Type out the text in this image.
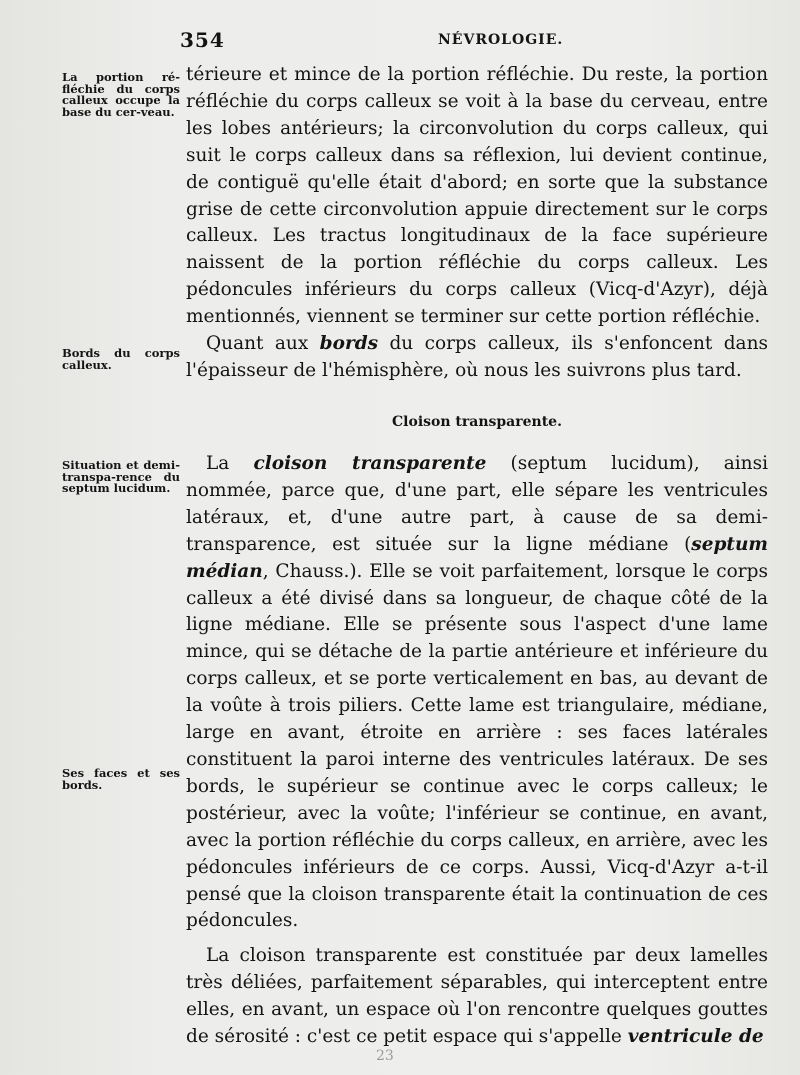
354	NÉVROLOGIE.
La portion ré-fléchie du corps calleux occupe la base du cer-veau.
Bords du corps calleux.
Situation et demi-transpa-rence du septum lucidum.
Ses faces et ses bords.

térieure et mince de la portion réfléchie. Du reste, la portion réfléchie du corps calleux se voit à la base du cerveau, entre les lobes antérieurs; la circonvolution du corps calleux, qui suit le corps calleux dans sa réflexion, lui devient continue, de contiguë qu'elle était d'abord; en sorte que la substance grise de cette circonvolution appuie directement sur le corps calleux. Les tractus longitudinaux de la face supérieure naissent de la portion réfléchie du corps calleux. Les pédoncules inférieurs du corps calleux (Vicq-d'Azyr), déjà mentionnés, viennent se terminer sur cette portion réfléchie.

Quant aux bords du corps calleux, ils s'enfoncent dans l'épaisseur de l'hémisphère, où nous les suivrons plus tard.

Cloison transparente.

La cloison transparente (septum lucidum), ainsi nommée, parce que, d'une part, elle sépare les ventricules latéraux, et, d'une autre part, à cause de sa demi-transparence, est située sur la ligne médiane (septum médian, Chauss.). Elle se voit parfaitement, lorsque le corps calleux a été divisé dans sa longueur, de chaque côté de la ligne médiane. Elle se présente sous l'aspect d'une lame mince, qui se détache de la partie antérieure et inférieure du corps calleux, et se porte verticalement en bas, au devant de la voûte à trois piliers. Cette lame est triangulaire, médiane, large en avant, étroite en arrière : ses faces latérales constituent la paroi interne des ventricules latéraux. De ses bords, le supérieur se continue avec le corps calleux; le postérieur, avec la voûte; l'inférieur se continue, en avant, avec la portion réfléchie du corps calleux, en arrière, avec les pédoncules inférieurs de ce corps. Aussi, Vicq-d'Azyr a-t-il pensé que la cloison transparente était la continuation de ces pédoncules.

La cloison transparente est constituée par deux lamelles très déliées, parfaitement séparables, qui interceptent entre elles, en avant, un espace où l'on rencontre quelques gouttes de sérosité : c'est ce petit espace qui s'appelle ventricule de

23
